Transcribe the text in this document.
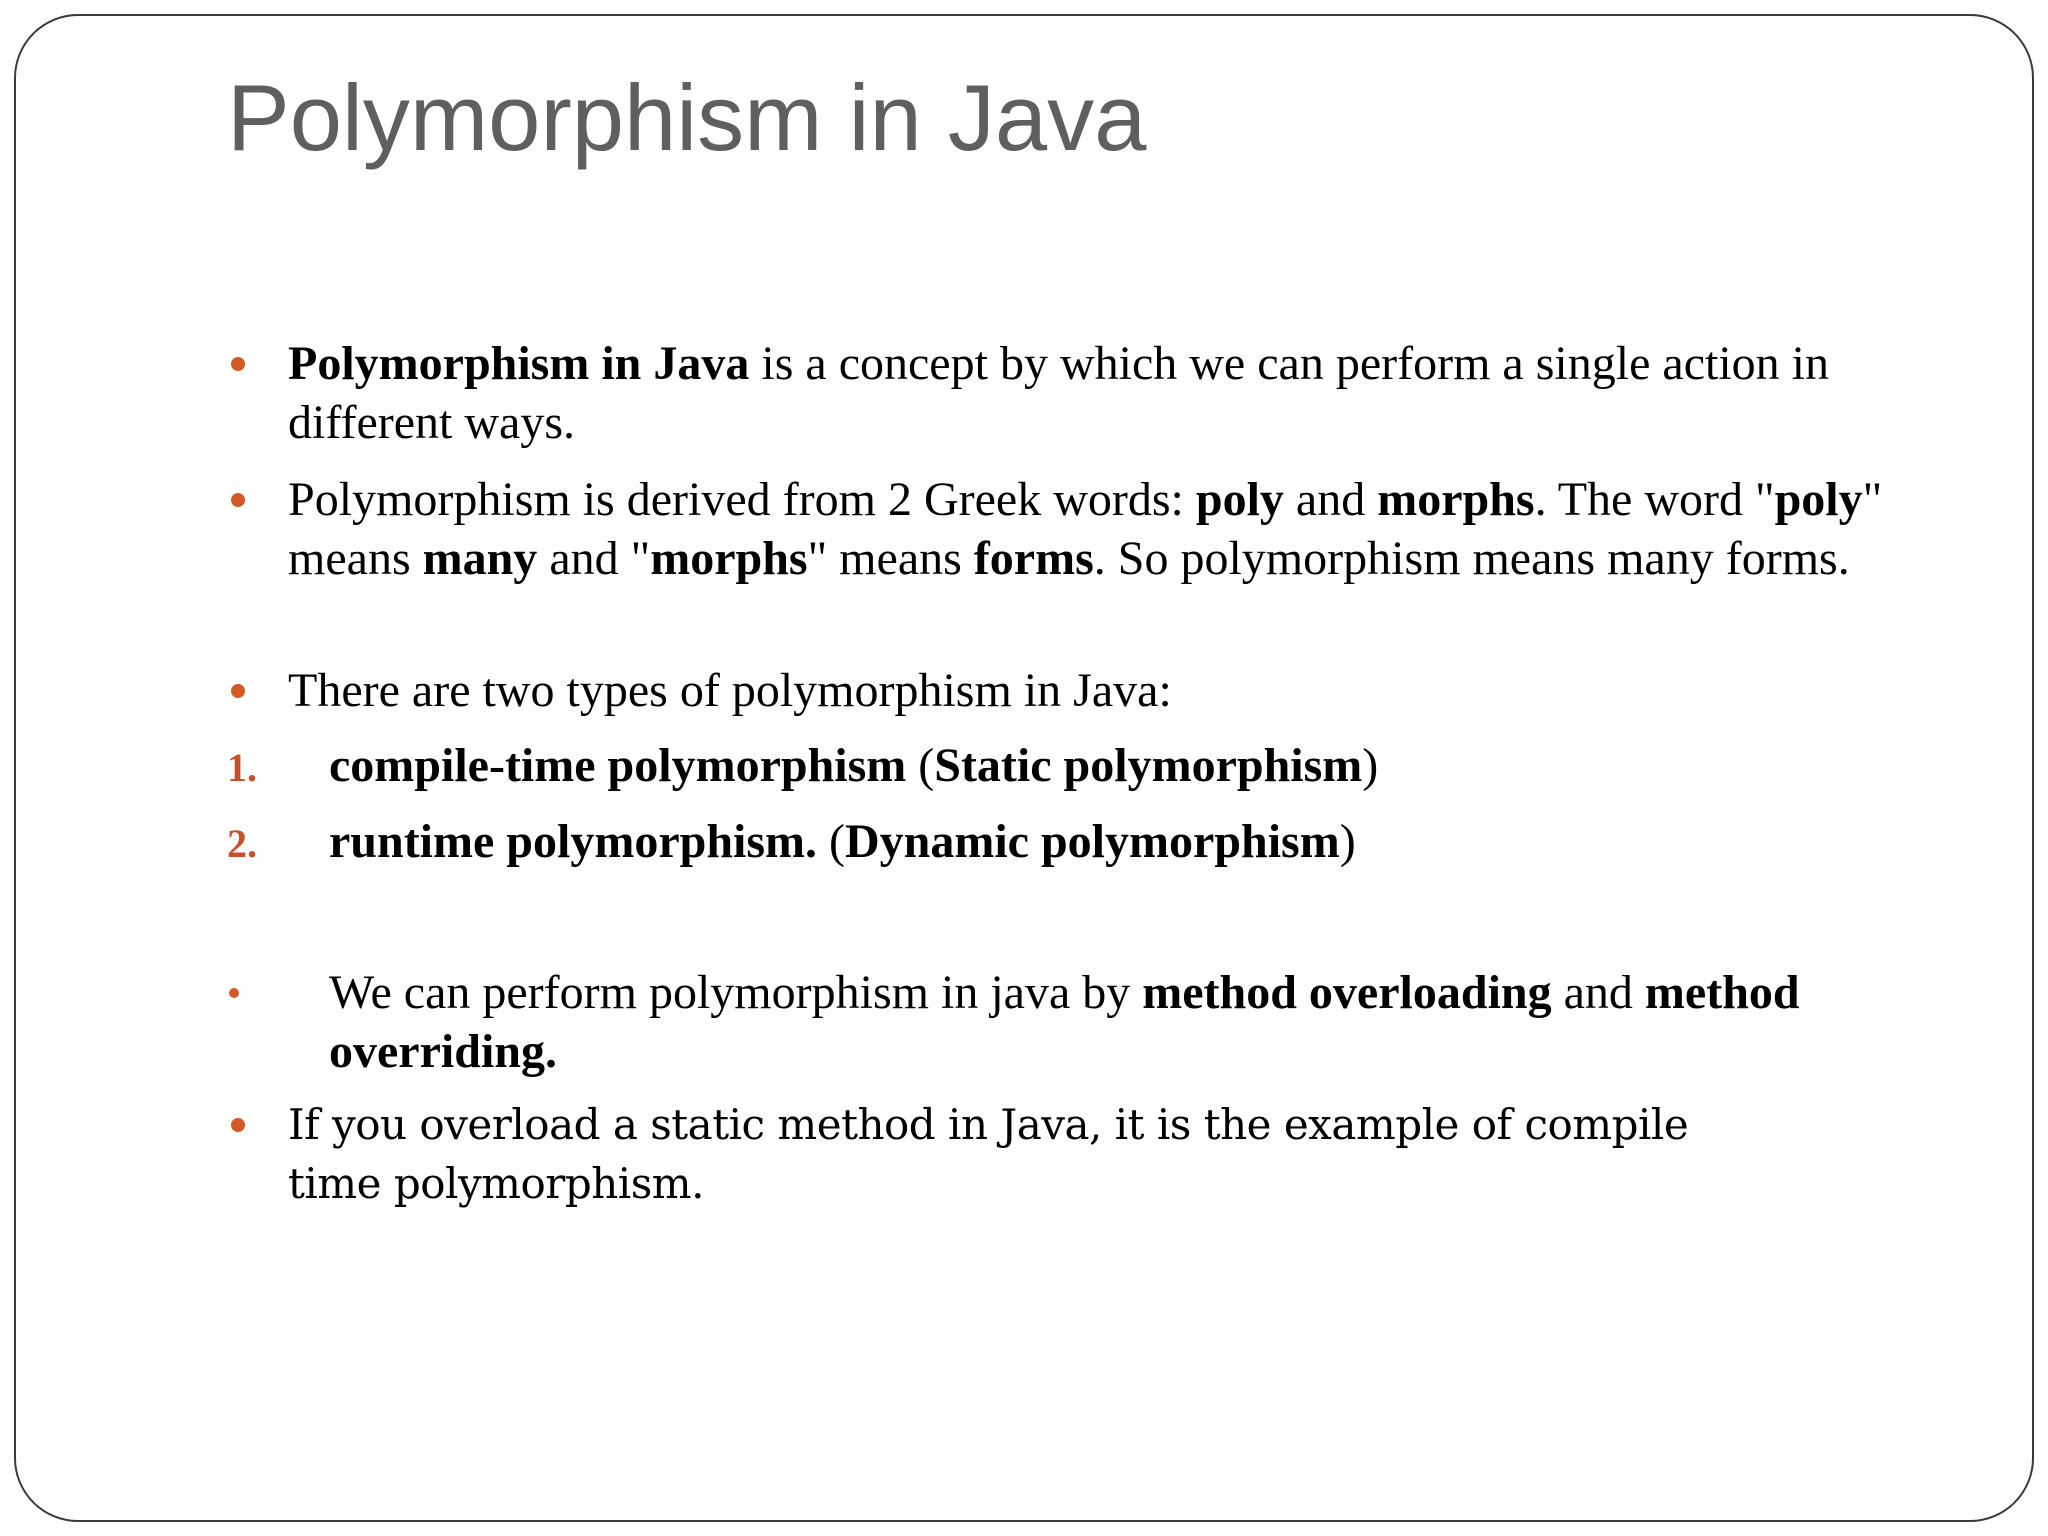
Polymorphism in Java
Polymorphism in Java is a concept by which we can perform a single action in different ways.
Polymorphism is derived from 2 Greek words: poly and morphs. The word "poly" means many and "morphs" means forms. So polymorphism means many forms.
There are two types of polymorphism in Java:
1. compile-time polymorphism (Static polymorphism)
2. runtime polymorphism. (Dynamic polymorphism)
We can perform polymorphism in java by method overloading and method overriding.
If you overload a static method in Java, it is the example of compile time polymorphism.
